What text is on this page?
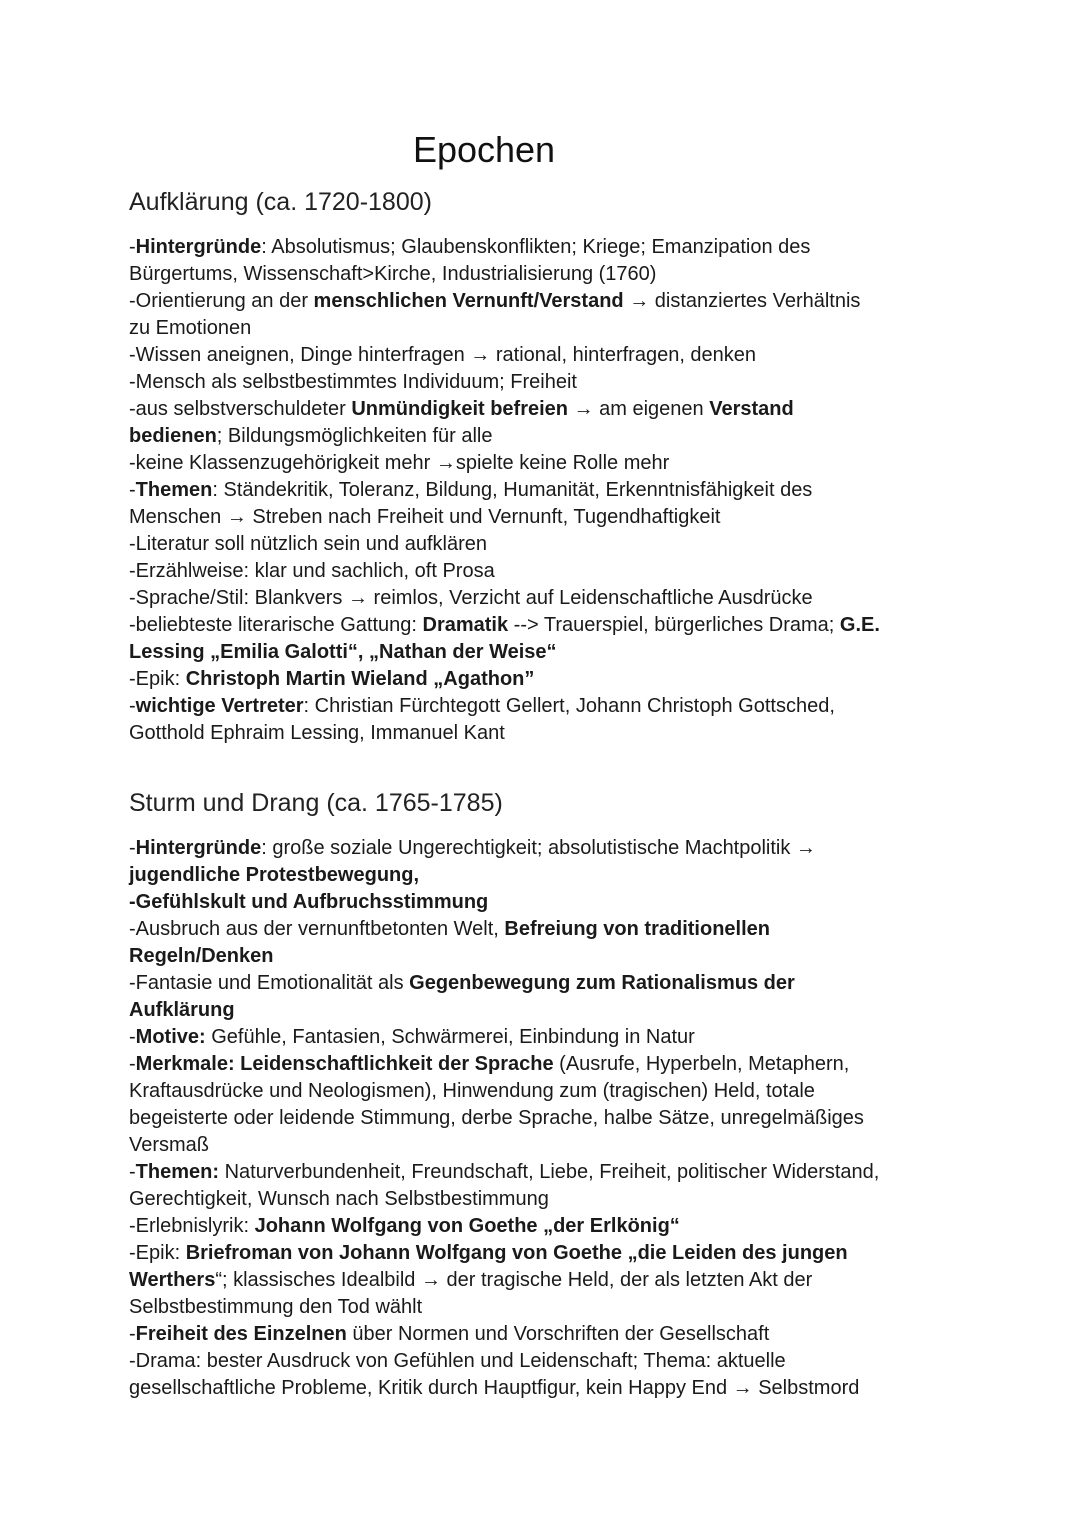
Epochen
Aufklärung (ca. 1720-1800)
-Hintergründe: Absolutismus; Glaubenskonflikten; Kriege; Emanzipation des
Bürgertums, Wissenschaft>Kirche, Industrialisierung (1760)
-Orientierung an der menschlichen Vernunft/Verstand → distanziertes Verhältnis
zu Emotionen
-Wissen aneignen, Dinge hinterfragen → rational, hinterfragen, denken
-Mensch als selbstbestimmtes Individuum; Freiheit
-aus selbstverschuldeter Unmündigkeit befreien → am eigenen Verstand
bedienen; Bildungsmöglichkeiten für alle
-keine Klassenzugehörigkeit mehr →spielte keine Rolle mehr
-Themen: Ständekritik, Toleranz, Bildung, Humanität, Erkenntnisfähigkeit des
Menschen → Streben nach Freiheit und Vernunft, Tugendhaftigkeit
-Literatur soll nützlich sein und aufklären
-Erzählweise: klar und sachlich, oft Prosa
-Sprache/Stil: Blankvers → reimlos, Verzicht auf Leidenschaftliche Ausdrücke
-beliebteste literarische Gattung: Dramatik --> Trauerspiel, bürgerliches Drama; G.E.
Lessing „Emilia Galotti“, „Nathan der Weise“
-Epik: Christoph Martin Wieland „Agathon”
-wichtige Vertreter: Christian Fürchtegott Gellert, Johann Christoph Gottsched,
Gotthold Ephraim Lessing, Immanuel Kant
Sturm und Drang (ca. 1765-1785)
-Hintergründe: große soziale Ungerechtigkeit; absolutistische Machtpolitik →
jugendliche Protestbewegung,
-Gefühlskult und Aufbruchsstimmung
-Ausbruch aus der vernunftbetonten Welt, Befreiung von traditionellen
Regeln/Denken
-Fantasie und Emotionalität als Gegenbewegung zum Rationalismus der
Aufklärung
-Motive: Gefühle, Fantasien, Schwärmerei, Einbindung in Natur
-Merkmale: Leidenschaftlichkeit der Sprache (Ausrufe, Hyperbeln, Metaphern,
Kraftausdrücke und Neologismen), Hinwendung zum (tragischen) Held, totale
begeisterte oder leidende Stimmung, derbe Sprache, halbe Sätze, unregelmäßiges
Versmaß
-Themen: Naturverbundenheit, Freundschaft, Liebe, Freiheit, politischer Widerstand,
Gerechtigkeit, Wunsch nach Selbstbestimmung
-Erlebnislyrik: Johann Wolfgang von Goethe „der Erlkönig“
-Epik: Briefroman von Johann Wolfgang von Goethe „die Leiden des jungen
Werthers“; klassisches Idealbild → der tragische Held, der als letzten Akt der
Selbstbestimmung den Tod wählt
-Freiheit des Einzelnen über Normen und Vorschriften der Gesellschaft
-Drama: bester Ausdruck von Gefühlen und Leidenschaft; Thema: aktuelle
gesellschaftliche Probleme, Kritik durch Hauptfigur, kein Happy End → Selbstmord
